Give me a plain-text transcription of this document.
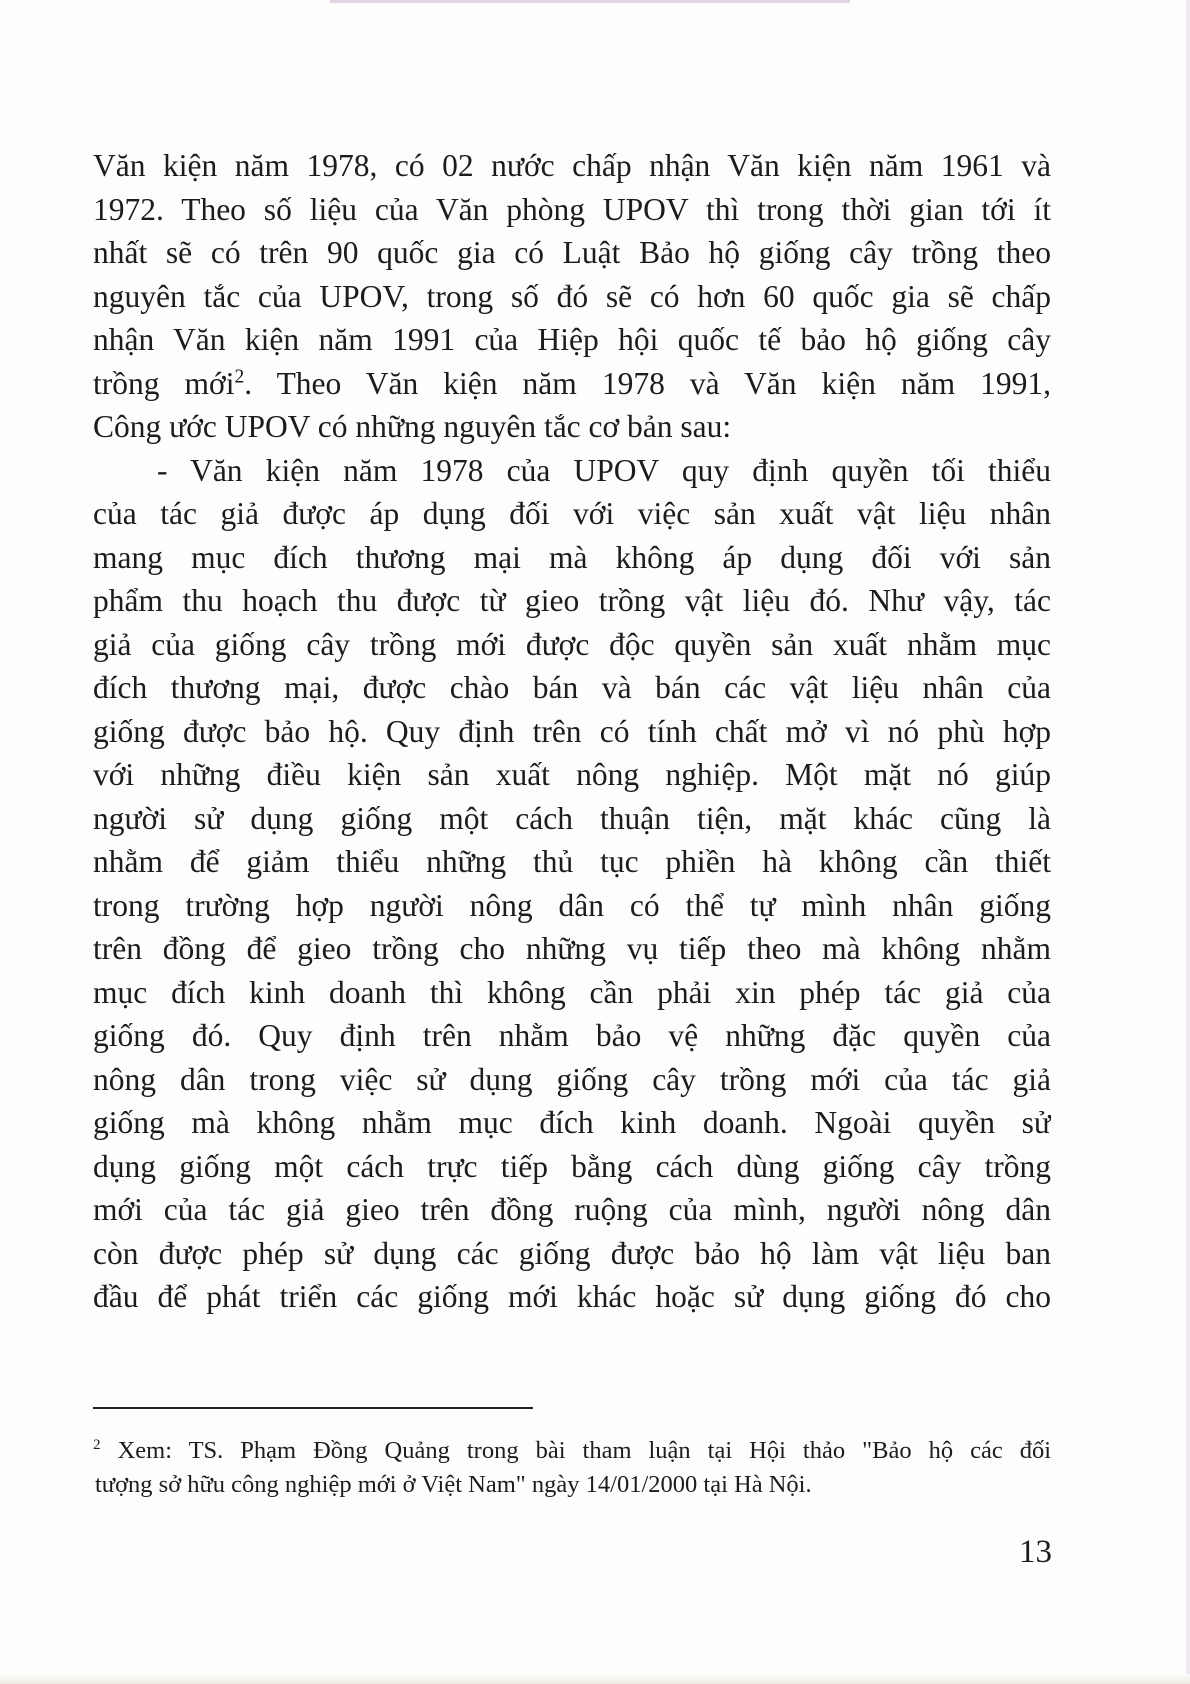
Văn kiện năm 1978, có 02 nước chấp nhận Văn kiện năm 1961 và
1972. Theo số liệu của Văn phòng UPOV thì trong thời gian tới ít
nhất sẽ có trên 90 quốc gia có Luật Bảo hộ giống cây trồng theo
nguyên tắc của UPOV, trong số đó sẽ có hơn 60 quốc gia sẽ chấp
nhận Văn kiện năm 1991 của Hiệp hội quốc tế bảo hộ giống cây
trồng mới$^2$. Theo Văn kiện năm 1978 và Văn kiện năm 1991,
Công ước UPOV có những nguyên tắc cơ bản sau:
- Văn kiện năm 1978 của UPOV quy định quyền tối thiểu
của tác giả được áp dụng đối với việc sản xuất vật liệu nhân
mang mục đích thương mại mà không áp dụng đối với sản
phẩm thu hoạch thu được từ gieo trồng vật liệu đó. Như vậy, tác
giả của giống cây trồng mới được độc quyền sản xuất nhằm mục
đích thương mại, được chào bán và bán các vật liệu nhân của
giống được bảo hộ. Quy định trên có tính chất mở vì nó phù hợp
với những điều kiện sản xuất nông nghiệp. Một mặt nó giúp
người sử dụng giống một cách thuận tiện, mặt khác cũng là
nhằm để giảm thiểu những thủ tục phiền hà không cần thiết
trong trường hợp người nông dân có thể tự mình nhân giống
trên đồng để gieo trồng cho những vụ tiếp theo mà không nhằm
mục đích kinh doanh thì không cần phải xin phép tác giả của
giống đó. Quy định trên nhằm bảo vệ những đặc quyền của
nông dân trong việc sử dụng giống cây trồng mới của tác giả
giống mà không nhằm mục đích kinh doanh. Ngoài quyền sử
dụng giống một cách trực tiếp bằng cách dùng giống cây trồng
mới của tác giả gieo trên đồng ruộng của mình, người nông dân
còn được phép sử dụng các giống được bảo hộ làm vật liệu ban
đầu để phát triển các giống mới khác hoặc sử dụng giống đó cho
$^2$ Xem: TS. Phạm Đồng Quảng trong bài tham luận tại Hội thảo "Bảo hộ các đối
tượng sở hữu công nghiệp mới ở Việt Nam" ngày 14/01/2000 tại Hà Nội.
13
